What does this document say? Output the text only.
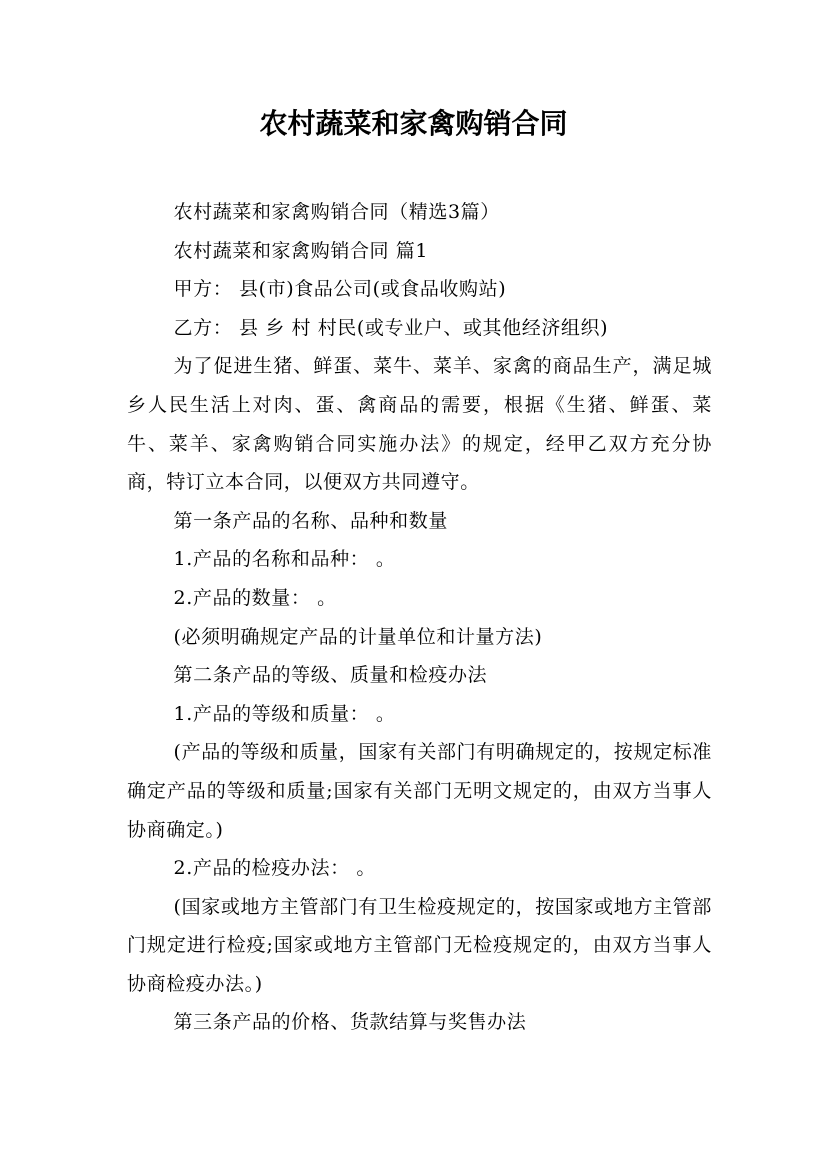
农村蔬菜和家禽购销合同

农村蔬菜和家禽购销合同（精选3篇）

农村蔬菜和家禽购销合同 篇1

甲方： 县(市)食品公司(或食品收购站)

乙方： 县 乡 村 村民(或专业户、或其他经济组织)

为了促进生猪、鲜蛋、菜牛、菜羊、家禽的商品生产，满足城乡人民生活上对肉、蛋、禽商品的需要，根据《生猪、鲜蛋、菜牛、菜羊、家禽购销合同实施办法》的规定，经甲乙双方充分协商，特订立本合同，以便双方共同遵守。

第一条产品的名称、品种和数量

1.产品的名称和品种： 。

2.产品的数量： 。

(必须明确规定产品的计量单位和计量方法)

第二条产品的等级、质量和检疫办法

1.产品的等级和质量： 。

(产品的等级和质量，国家有关部门有明确规定的，按规定标准确定产品的等级和质量;国家有关部门无明文规定的，由双方当事人协商确定。)

2.产品的检疫办法： 。

(国家或地方主管部门有卫生检疫规定的，按国家或地方主管部门规定进行检疫;国家或地方主管部门无检疫规定的，由双方当事人协商检疫办法。)

第三条产品的价格、货款结算与奖售办法
